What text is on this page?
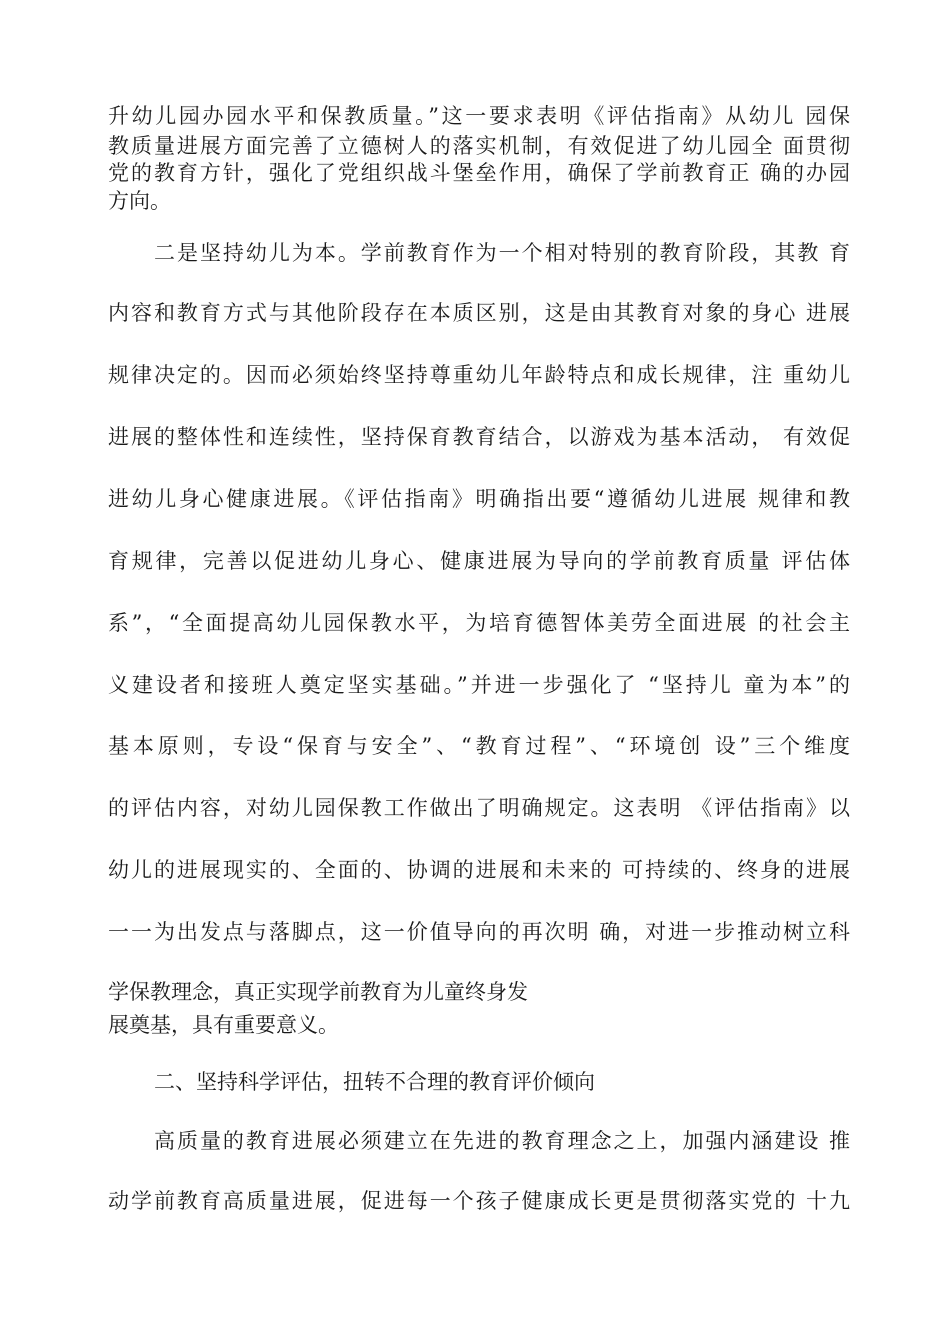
升幼儿园办园水平和保教质量。”这一要求表明《评估指南》从幼儿 园保
教质量进展方面完善了立德树人的落实机制，有效促进了幼儿园全 面贯彻
党的教育方针，强化了党组织战斗堡垒作用，确保了学前教育正 确的办园
方向。
二是坚持幼儿为本。学前教育作为一个相对特别的教育阶段，其教 育
内容和教育方式与其他阶段存在本质区别，这是由其教育对象的身心 进展
规律决定的。因而必须始终坚持尊重幼儿年龄特点和成长规律，注 重幼儿
进展的整体性和连续性，坚持保育教育结合，以游戏为基本活动， 有效促
进幼儿身心健康进展。《评估指南》明确指出要“遵循幼儿进展 规律和教
育规律，完善以促进幼儿身心、健康进展为导向的学前教育质量 评估体
系”，“全面提高幼儿园保教水平，为培育德智体美劳全面进展 的社会主
义建设者和接班人奠定坚实基础。”并进一步强化了 “坚持儿 童为本”的
基本原则，专设“保育与安全”、“教育过程”、“环境创 设”三个维度
的评估内容，对幼儿园保教工作做出了明确规定。这表明 《评估指南》以
幼儿的进展现实的、全面的、协调的进展和未来的 可持续的、终身的进展
一一为出发点与落脚点，这一价值导向的再次明 确，对进一步推动树立科
学保教理念，真正实现学前教育为儿童终身发
展奠基，具有重要意义。
二、坚持科学评估，扭转不合理的教育评价倾向
高质量的教育进展必须建立在先进的教育理念之上，加强内涵建设 推
动学前教育高质量进展，促进每一个孩子健康成长更是贯彻落实党的 十九
